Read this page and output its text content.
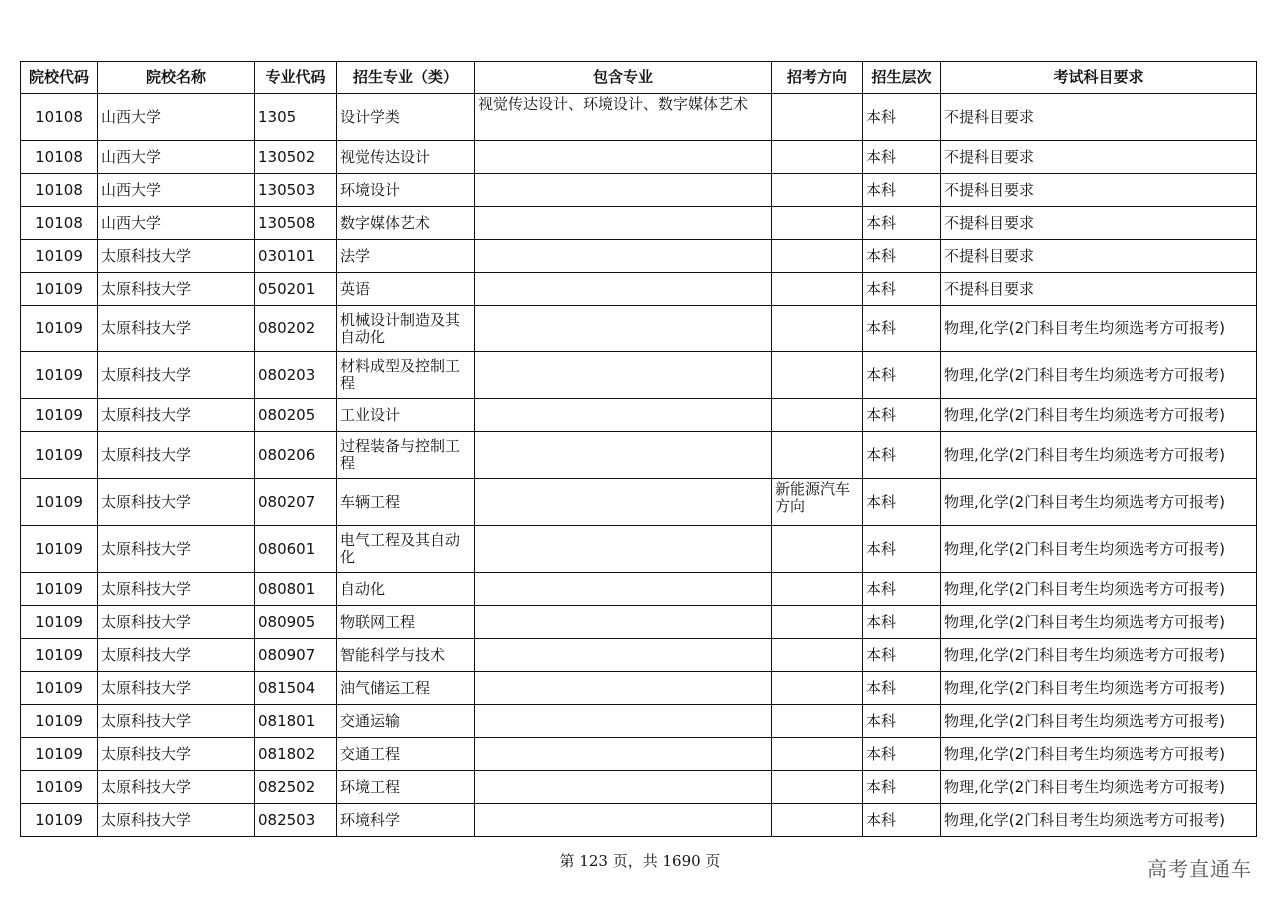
院校代码	院校名称	专业代码	招生专业（类）	包含专业	招考方向	招生层次	考试科目要求
10108	山西大学	1305	设计学类	视觉传达设计、环境设计、数字媒体艺术		本科	不提科目要求
10108	山西大学	130502	视觉传达设计			本科	不提科目要求
10108	山西大学	130503	环境设计			本科	不提科目要求
10108	山西大学	130508	数字媒体艺术			本科	不提科目要求
10109	太原科技大学	030101	法学			本科	不提科目要求
10109	太原科技大学	050201	英语			本科	不提科目要求
10109	太原科技大学	080202	机械设计制造及其自动化			本科	物理,化学(2门科目考生均须选考方可报考)
10109	太原科技大学	080203	材料成型及控制工程			本科	物理,化学(2门科目考生均须选考方可报考)
10109	太原科技大学	080205	工业设计			本科	物理,化学(2门科目考生均须选考方可报考)
10109	太原科技大学	080206	过程装备与控制工程			本科	物理,化学(2门科目考生均须选考方可报考)
10109	太原科技大学	080207	车辆工程		新能源汽车方向	本科	物理,化学(2门科目考生均须选考方可报考)
10109	太原科技大学	080601	电气工程及其自动化			本科	物理,化学(2门科目考生均须选考方可报考)
10109	太原科技大学	080801	自动化			本科	物理,化学(2门科目考生均须选考方可报考)
10109	太原科技大学	080905	物联网工程			本科	物理,化学(2门科目考生均须选考方可报考)
10109	太原科技大学	080907	智能科学与技术			本科	物理,化学(2门科目考生均须选考方可报考)
10109	太原科技大学	081504	油气储运工程			本科	物理,化学(2门科目考生均须选考方可报考)
10109	太原科技大学	081801	交通运输			本科	物理,化学(2门科目考生均须选考方可报考)
10109	太原科技大学	081802	交通工程			本科	物理,化学(2门科目考生均须选考方可报考)
10109	太原科技大学	082502	环境工程			本科	物理,化学(2门科目考生均须选考方可报考)
10109	太原科技大学	082503	环境科学			本科	物理,化学(2门科目考生均须选考方可报考)
第 123 页，共 1690 页	高考直通车
